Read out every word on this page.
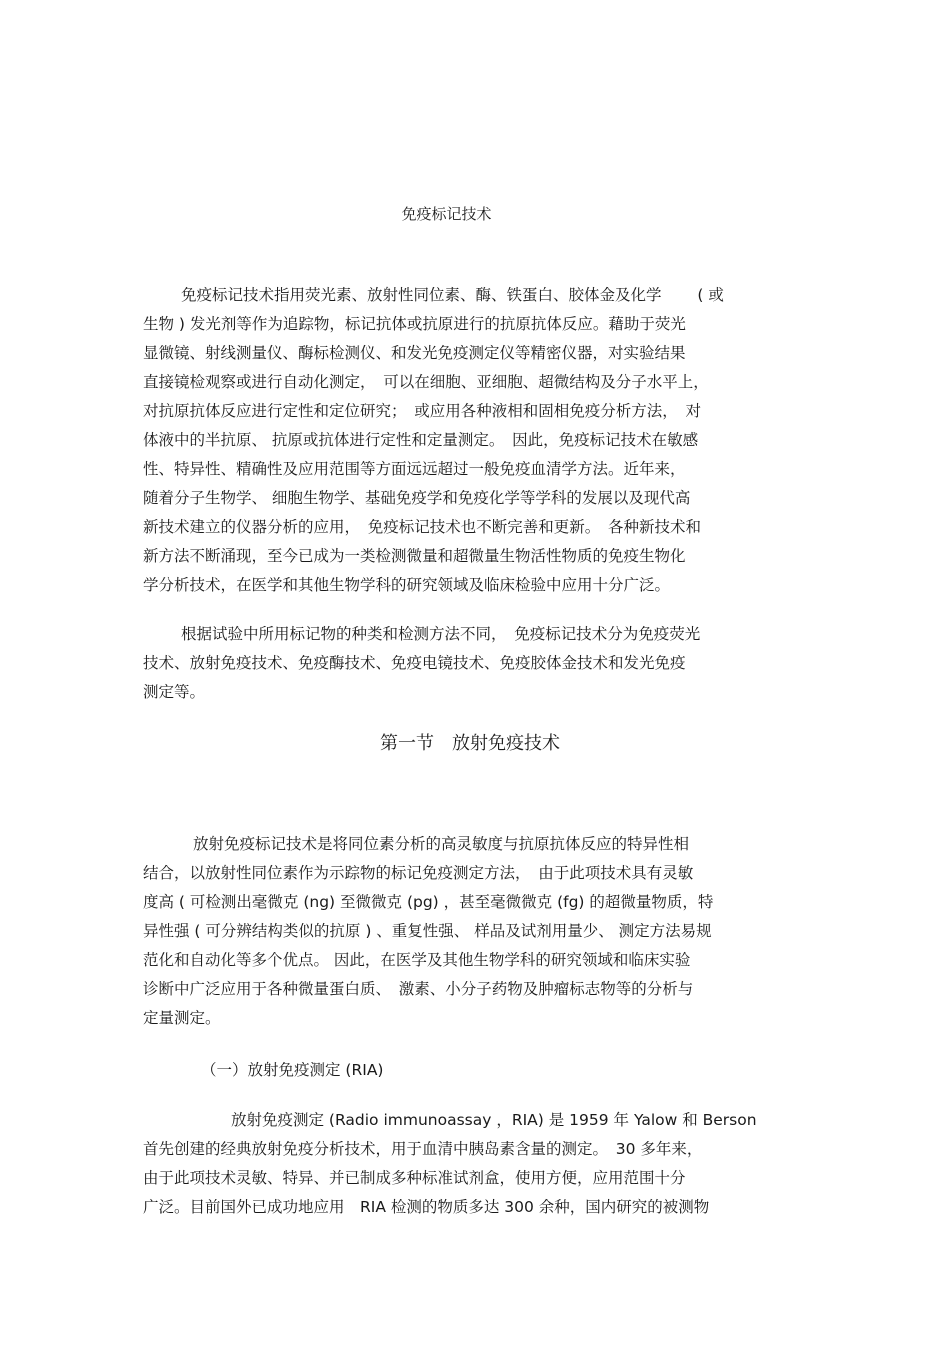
免疫标记技术
免疫标记技术指用荧光素、放射性同位素、酶、铁蛋白、胶体金及化学　　 ( 或
生物 ) 发光剂等作为追踪物，标记抗体或抗原进行的抗原抗体反应。藉助于荧光
显微镜、射线测量仪、酶标检测仪、和发光免疫测定仪等精密仪器，对实验结果
直接镜检观察或进行自动化测定，　可以在细胞、亚细胞、超微结构及分子水平上，
对抗原抗体反应进行定性和定位研究；　或应用各种液相和固相免疫分析方法，　对
体液中的半抗原、 抗原或抗体进行定性和定量测定。　因此，免疫标记技术在敏感
性、特异性、精确性及应用范围等方面远远超过一般免疫血清学方法。近年来，
随着分子生物学、 细胞生物学、基础免疫学和免疫化学等学科的发展以及现代高
新技术建立的仪器分析的应用，　免疫标记技术也不断完善和更新。　各种新技术和
新方法不断涌现，至今已成为一类检测微量和超微量生物活性物质的免疫生物化
学分析技术，在医学和其他生物学科的研究领域及临床检验中应用十分广泛。
根据试验中所用标记物的种类和检测方法不同，　免疫标记技术分为免疫荧光
技术、放射免疫技术、免疫酶技术、免疫电镜技术、免疫胶体金技术和发光免疫
测定等。
第一节　放射免疫技术
放射免疫标记技术是将同位素分析的高灵敏度与抗原抗体反应的特异性相
结合，以放射性同位素作为示踪物的标记免疫测定方法，　由于此项技术具有灵敏
度高 ( 可检测出毫微克 (ng) 至微微克 (pg) ，甚至毫微微克 (fg) 的超微量物质，特
异性强 ( 可分辨结构类似的抗原 ) 、重复性强、 样品及试剂用量少、 测定方法易规
范化和自动化等多个优点。 因此，在医学及其他生物学科的研究领域和临床实验
诊断中广泛应用于各种微量蛋白质、　激素、小分子药物及肿瘤标志物等的分析与
定量测定。
（一）放射免疫测定 (RIA)
放射免疫测定 (Radio immunoassay ，RIA) 是 1959 年 Yalow 和 Berson
首先创建的经典放射免疫分析技术，用于血清中胰岛素含量的测定。　30 多年来，
由于此项技术灵敏、特异、并已制成多种标准试剂盒，使用方便，应用范围十分
广泛。目前国外已成功地应用　RIA 检测的物质多达 300 余种，国内研究的被测物
